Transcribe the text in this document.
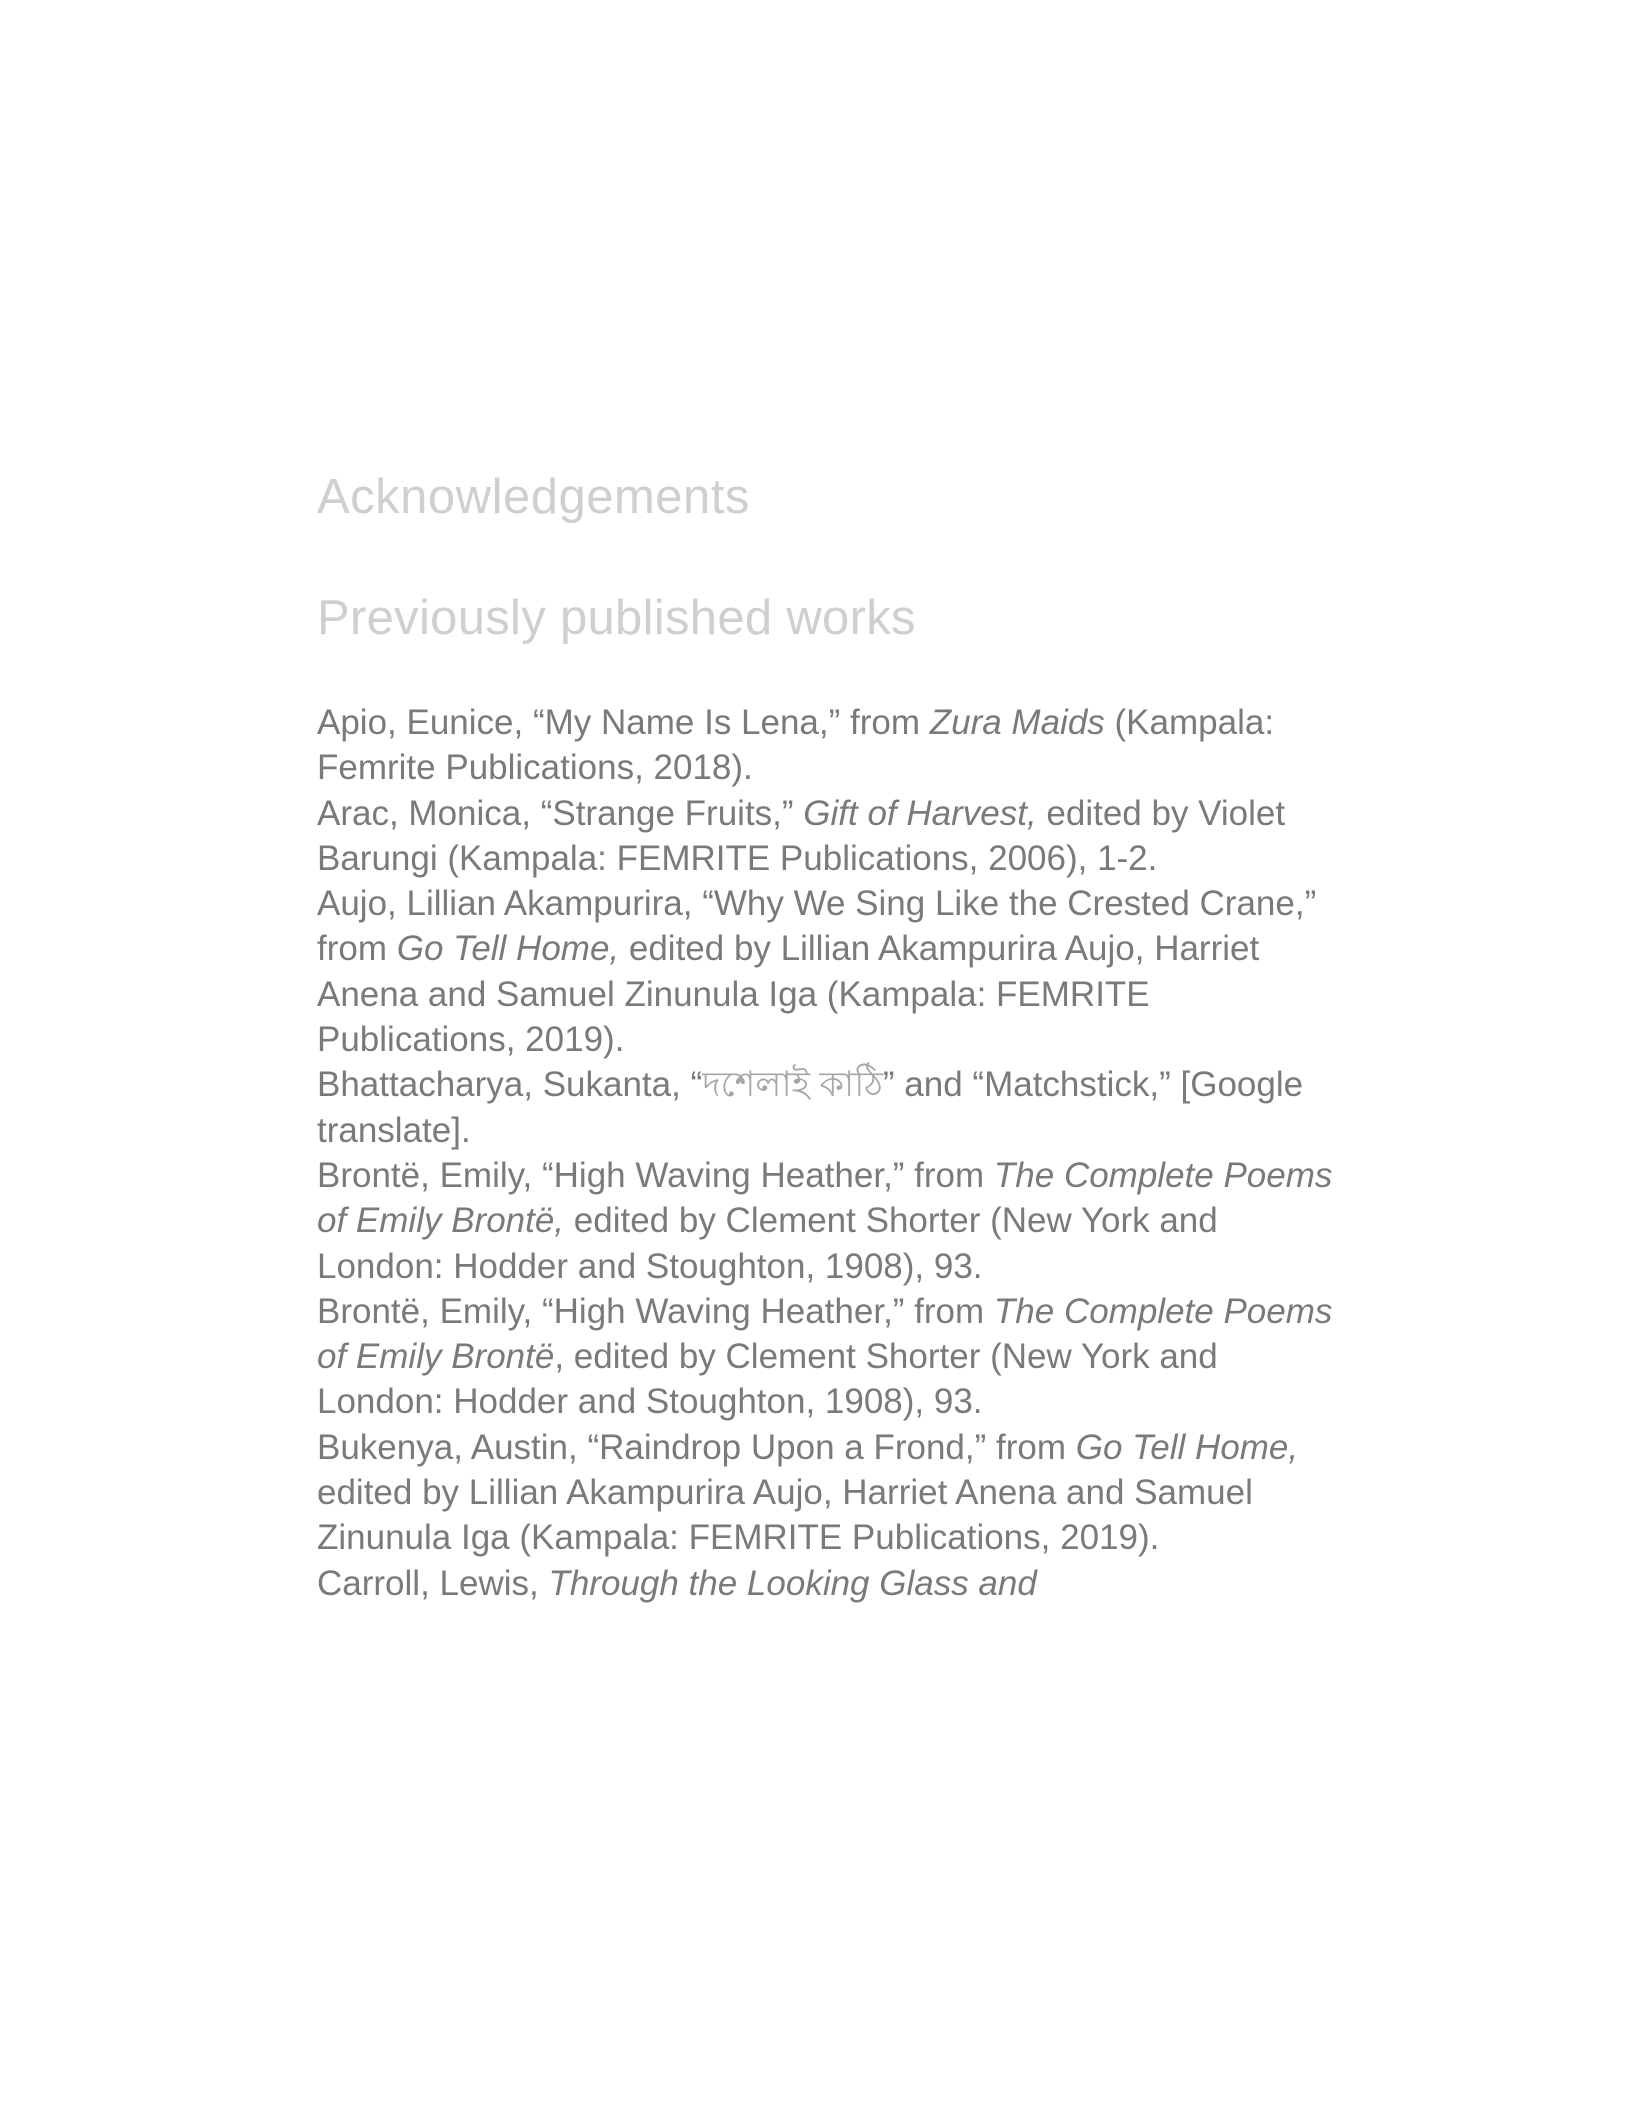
Acknowledgements
Previously published works
Apio, Eunice, “My Name Is Lena,” from Zura Maids (Kampala: Femrite Publications, 2018).
Arac, Monica, “Strange Fruits,” Gift of Harvest, edited by Violet Barungi (Kampala: FEMRITE Publications, 2006), 1-2.
Aujo, Lillian Akampurira, “Why We Sing Like the Crested Crane,” from Go Tell Home, edited by Lillian Akampurira Aujo, Harriet Anena and Samuel Zinunula Iga (Kampala: FEMRITE Publications, 2019).
Bhattacharya, Sukanta, “দশেলাই কাঠি” and “Matchstick,” [Google translate].
Brontë, Emily, “High Waving Heather,” from The Complete Poems of Emily Brontë, edited by Clement Shorter (New York and London: Hodder and Stoughton, 1908), 93.
Brontë, Emily, “High Waving Heather,” from The Complete Poems of Emily Brontë, edited by Clement Shorter (New York and London: Hodder and Stoughton, 1908), 93.
Bukenya, Austin, “Raindrop Upon a Frond,” from Go Tell Home, edited by Lillian Akampurira Aujo, Harriet Anena and Samuel Zinunula Iga (Kampala: FEMRITE Publications, 2019).
Carroll, Lewis, Through the Looking Glass and
